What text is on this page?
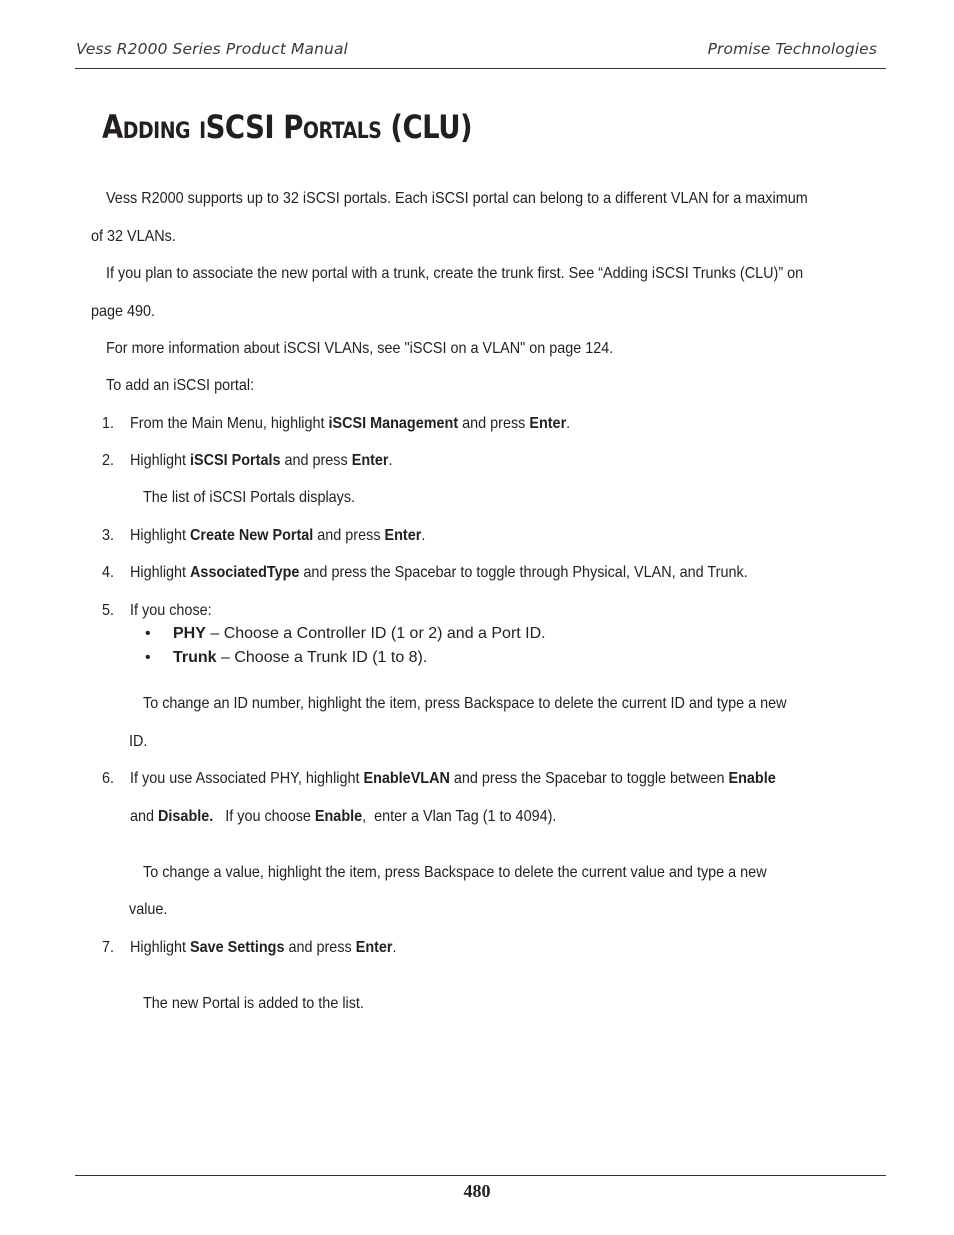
Vess R2000 Series Product Manual	Promise Technologies
ADDING ISCSI PORTALS (CLU)
Vess R2000 supports up to 32 iSCSI portals. Each iSCSI portal can belong to a different VLAN for a maximum
of 32 VLANs.
If you plan to associate the new portal with a trunk, create the trunk first. See “Adding iSCSI Trunks (CLU)” on
page 490.
For more information about iSCSI VLANs, see "iSCSI on a VLAN" on page 124.
To add an iSCSI portal:
1. From the Main Menu, highlight iSCSI Management and press Enter.
2. Highlight iSCSI Portals and press Enter.
The list of iSCSI Portals displays.
3. Highlight Create New Portal and press Enter.
4. Highlight AssociatedType and press the Spacebar to toggle through Physical, VLAN, and Trunk.
5. If you chose:
• PHY – Choose a Controller ID (1 or 2) and a Port ID.
• Trunk – Choose a Trunk ID (1 to 8).
To change an ID number, highlight the item, press Backspace to delete the current ID and type a new
ID.
6. If you use Associated PHY, highlight EnableVLAN and press the Spacebar to toggle between Enable
and Disable.   If you choose Enable,  enter a Vlan Tag (1 to 4094).
To change a value, highlight the item, press Backspace to delete the current value and type a new
value.
7. Highlight Save Settings and press Enter.
The new Portal is added to the list.
480
